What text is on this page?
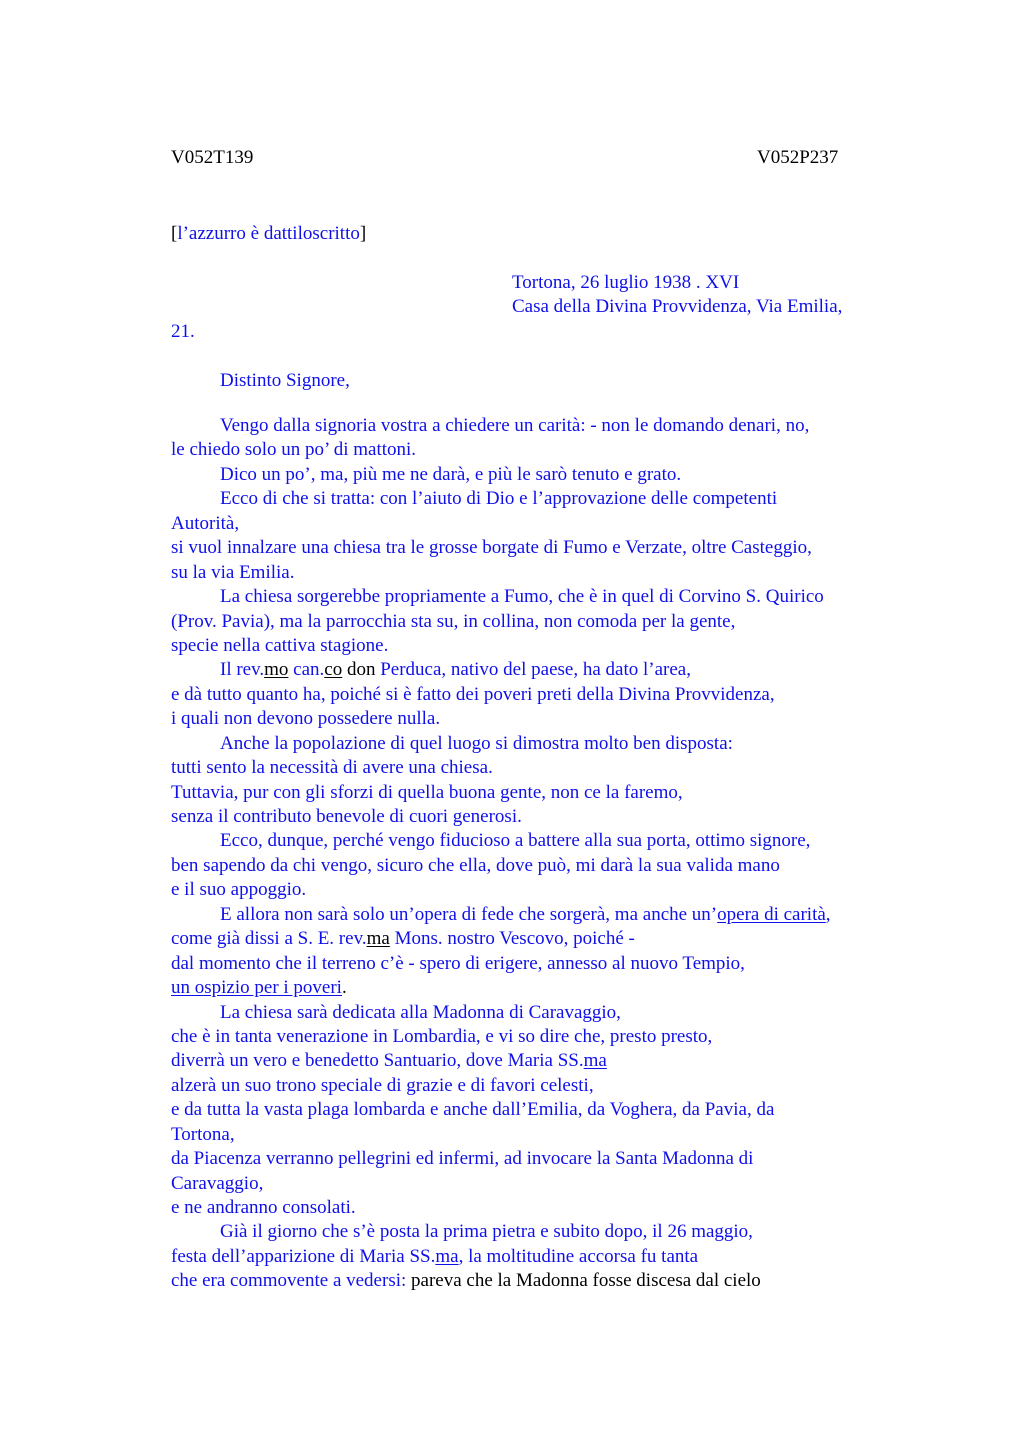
V052T139	V052P237
[l’azzurro è dattiloscritto]
Tortona, 26 luglio 1938 . XVI
Casa della Divina Provvidenza, Via Emilia,
21.
Distinto Signore,
Vengo dalla signoria vostra a chiedere un carità: - non le domando denari, no,
le chiedo solo un po’ di mattoni.
Dico un po’, ma, più me ne darà, e più le sarò tenuto e grato.
Ecco di che si tratta: con l’aiuto di Dio e l’approvazione delle competenti
Autorità,
si vuol innalzare una chiesa tra le grosse borgate di Fumo e Verzate, oltre Casteggio,
su la via Emilia.
La chiesa sorgerebbe propriamente a Fumo, che è in quel di Corvino S. Quirico
(Prov. Pavia), ma la parrocchia sta su, in collina, non comoda per la gente,
specie nella cattiva stagione.
Il rev.mo can.co don Perduca, nativo del paese, ha dato l’area,
e dà tutto quanto ha, poiché si è fatto dei poveri preti della Divina Provvidenza,
i quali non devono possedere nulla.
Anche la popolazione di quel luogo si dimostra molto ben disposta:
tutti sento la necessità di avere una chiesa.
Tuttavia, pur con gli sforzi di quella buona gente, non ce la faremo,
senza il contributo benevole di cuori generosi.
Ecco, dunque, perché vengo fiducioso a battere alla sua porta, ottimo signore,
ben sapendo da chi vengo, sicuro che ella, dove può, mi darà la sua valida mano
e il suo appoggio.
E allora non sarà solo un’opera di fede che sorgerà, ma anche un’opera di carità,
come già dissi a S. E. rev.ma Mons. nostro Vescovo, poiché -
dal momento che il terreno c’è - spero di erigere, annesso al nuovo Tempio,
un ospizio per i poveri.
La chiesa sarà dedicata alla Madonna di Caravaggio,
che è in tanta venerazione in Lombardia, e vi so dire che, presto presto,
diverrà un vero e benedetto Santuario, dove Maria SS.ma
alzerà un suo trono speciale di grazie e di favori celesti,
e da tutta la vasta plaga lombarda e anche dall’Emilia, da Voghera, da Pavia, da
Tortona,
da Piacenza verranno pellegrini ed infermi, ad invocare la Santa Madonna di
Caravaggio,
e ne andranno consolati.
Già il giorno che s’è posta la prima pietra e subito dopo, il 26 maggio,
festa dell’apparizione di Maria SS.ma, la moltitudine accorsa fu tanta
che era commovente a vedersi: pareva che la Madonna fosse discesa dal cielo
